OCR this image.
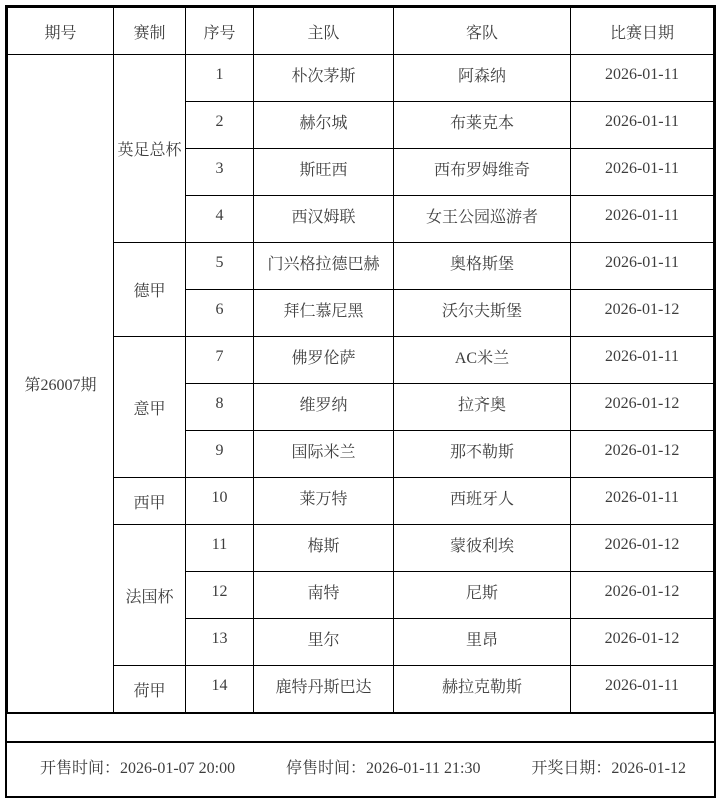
期号	赛制	序号	主队	客队	比赛日期
第26007期	英足总杯	1	朴次茅斯	阿森纳	2026-01-11
		2	赫尔城	布莱克本	2026-01-11
		3	斯旺西	西布罗姆维奇	2026-01-11
		4	西汉姆联	女王公园巡游者	2026-01-11
	德甲	5	门兴格拉德巴赫	奥格斯堡	2026-01-11
		6	拜仁慕尼黑	沃尔夫斯堡	2026-01-12
	意甲	7	佛罗伦萨	AC米兰	2026-01-11
		8	维罗纳	拉齐奥	2026-01-12
		9	国际米兰	那不勒斯	2026-01-12
	西甲	10	莱万特	西班牙人	2026-01-11
	法国杯	11	梅斯	蒙彼利埃	2026-01-12
		12	南特	尼斯	2026-01-12
		13	里尔	里昂	2026-01-12
	荷甲	14	鹿特丹斯巴达	赫拉克勒斯	2026-01-11
开售时间：2026-01-07 20:00	停售时间：2026-01-11 21:30	开奖日期：2026-01-12
